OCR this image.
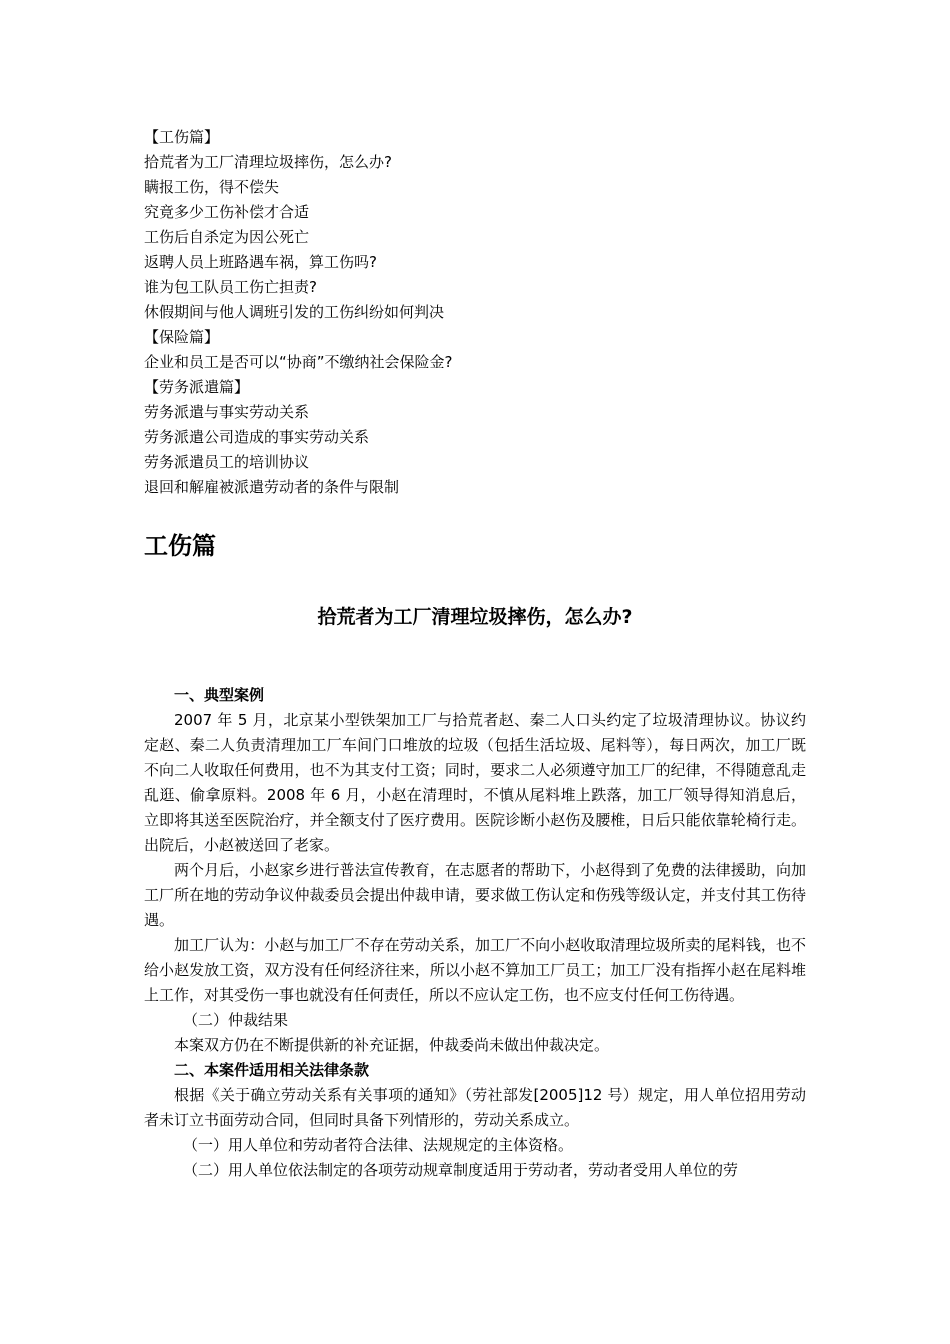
【工伤篇】
拾荒者为工厂清理垃圾摔伤，怎么办?
瞒报工伤，得不偿失
究竟多少工伤补偿才合适
工伤后自杀定为因公死亡
返聘人员上班路遇车祸，算工伤吗?
谁为包工队员工伤亡担责?
休假期间与他人调班引发的工伤纠纷如何判决
【保险篇】
企业和员工是否可以“协商”不缴纳社会保险金?
【劳务派遣篇】
劳务派遣与事实劳动关系
劳务派遣公司造成的事实劳动关系
劳务派遣员工的培训协议
退回和解雇被派遣劳动者的条件与限制
工伤篇
拾荒者为工厂清理垃圾摔伤，怎么办?

一、典型案例

2007 年 5 月，北京某小型铁架加工厂与拾荒者赵、秦二人口头约定了垃圾清理协议。协议约定赵、秦二人负责清理加工厂车间门口堆放的垃圾（包括生活垃圾、尾料等），每日两次，加工厂既不向二人收取任何费用，也不为其支付工资；同时，要求二人必须遵守加工厂的纪律，不得随意乱走乱逛、偷拿原料。2008 年 6 月，小赵在清理时，不慎从尾料堆上跌落，加工厂领导得知消息后，立即将其送至医院治疗，并全额支付了医疗费用。医院诊断小赵伤及腰椎，日后只能依靠轮椅行走。出院后，小赵被送回了老家。

两个月后，小赵家乡进行普法宣传教育，在志愿者的帮助下，小赵得到了免费的法律援助，向加工厂所在地的劳动争议仲裁委员会提出仲裁申请，要求做工伤认定和伤残等级认定，并支付其工伤待遇。

加工厂认为：小赵与加工厂不存在劳动关系，加工厂不向小赵收取清理垃圾所卖的尾料钱，也不给小赵发放工资，双方没有任何经济往来，所以小赵不算加工厂员工；加工厂没有指挥小赵在尾料堆上工作，对其受伤一事也就没有任何责任，所以不应认定工伤，也不应支付任何工伤待遇。

（二）仲裁结果

本案双方仍在不断提供新的补充证据，仲裁委尚未做出仲裁决定。

二、本案件适用相关法律条款

根据《关于确立劳动关系有关事项的通知》（劳社部发[2005]12 号）规定，用人单位招用劳动者未订立书面劳动合同，但同时具备下列情形的，劳动关系成立。

（一）用人单位和劳动者符合法律、法规规定的主体资格。

（二）用人单位依法制定的各项劳动规章制度适用于劳动者，劳动者受用人单位的劳
